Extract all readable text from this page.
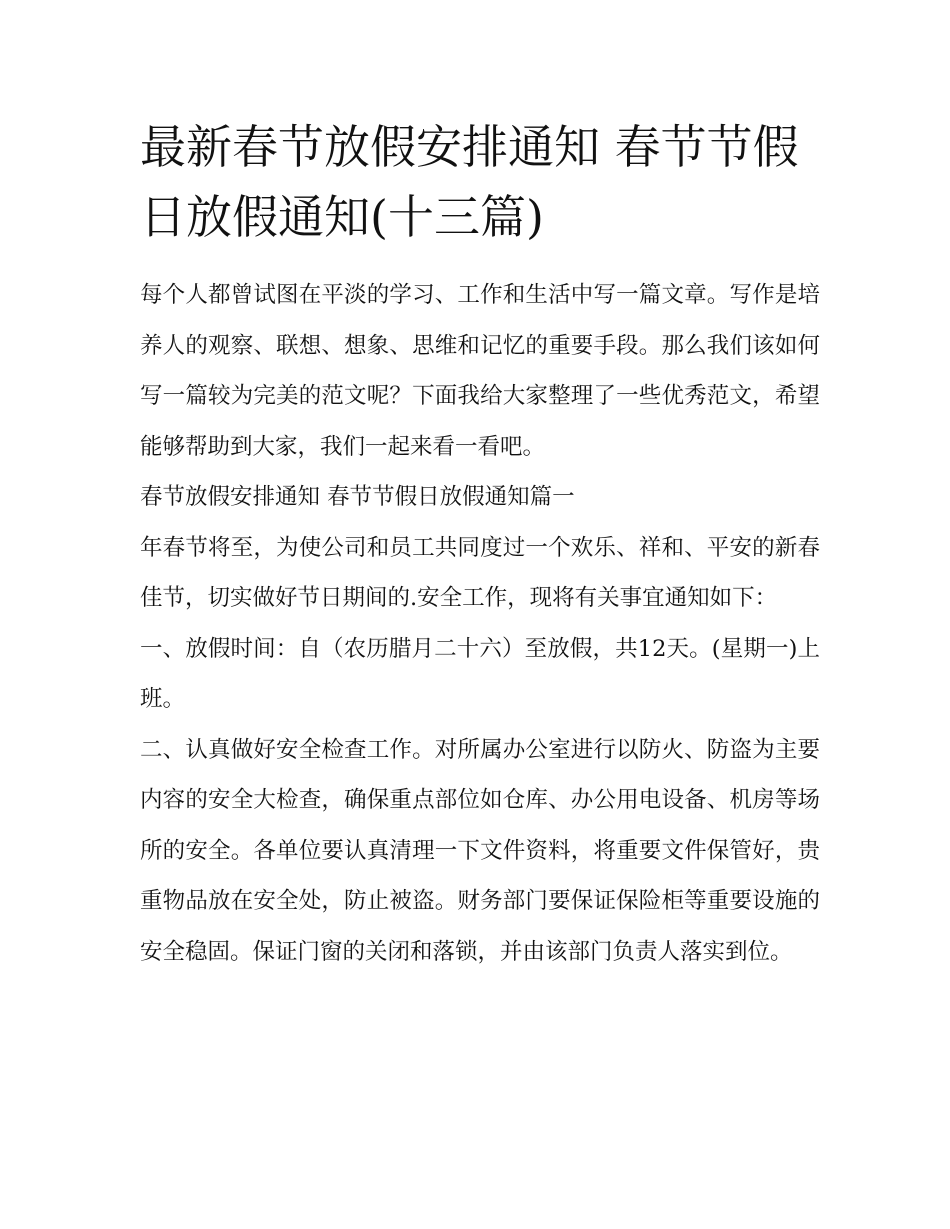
最新春节放假安排通知 春节节假日放假通知(十三篇)

每个人都曾试图在平淡的学习、工作和生活中写一篇文章。写作是培养人的观察、联想、想象、思维和记忆的重要手段。那么我们该如何写一篇较为完美的范文呢？下面我给大家整理了一些优秀范文，希望能够帮助到大家，我们一起来看一看吧。

春节放假安排通知 春节节假日放假通知篇一

年春节将至，为使公司和员工共同度过一个欢乐、祥和、平安的新春佳节，切实做好节日期间的.安全工作，现将有关事宜通知如下：

一、放假时间：自（农历腊月二十六）至放假，共12天。(星期一)上班。

二、认真做好安全检查工作。对所属办公室进行以防火、防盗为主要内容的安全大检查，确保重点部位如仓库、办公用电设备、机房等场所的安全。各单位要认真清理一下文件资料，将重要文件保管好，贵重物品放在安全处，防止被盗。财务部门要保证保险柜等重要设施的安全稳固。保证门窗的关闭和落锁，并由该部门负责人落实到位。
